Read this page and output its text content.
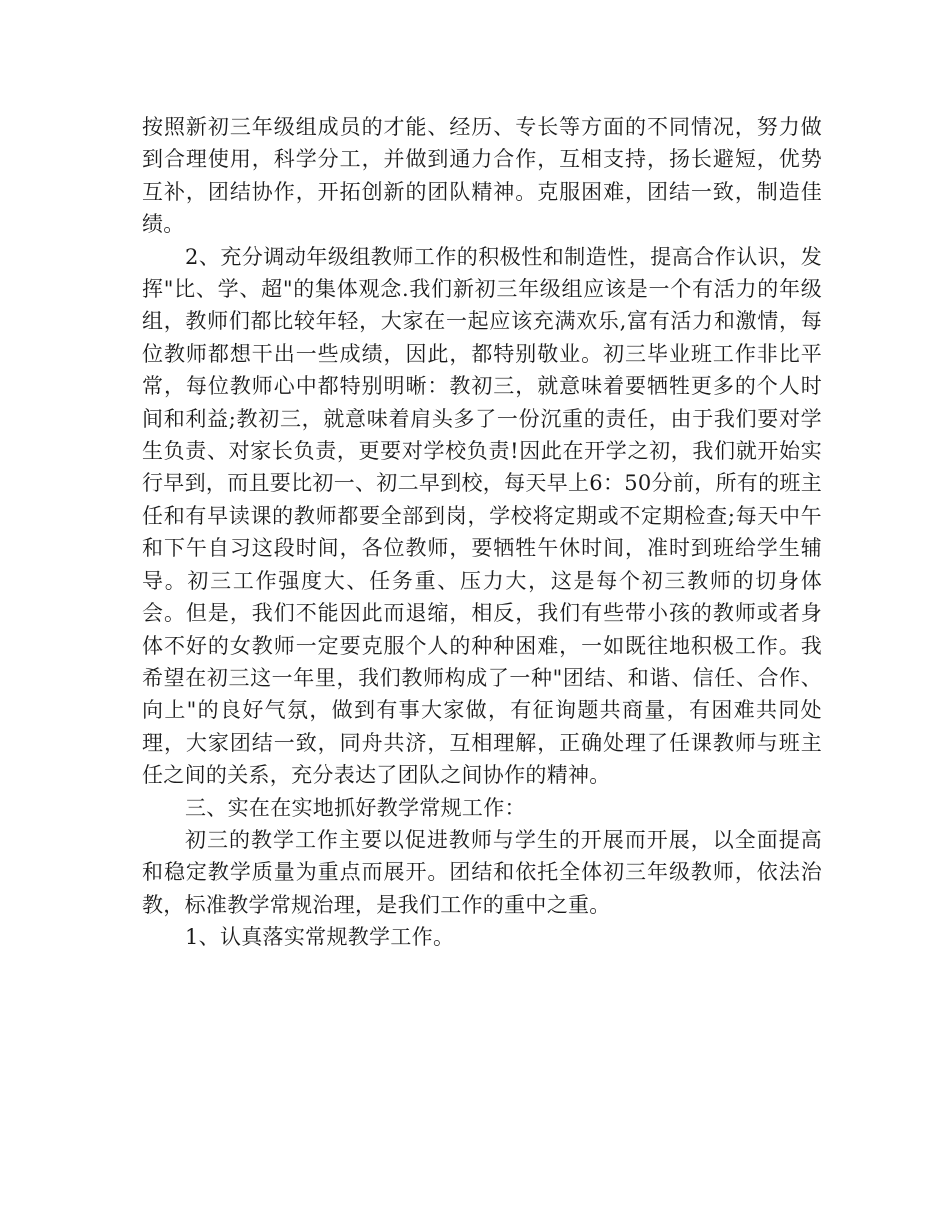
按照新初三年级组成员的才能、经历、专长等方面的不同情况，努力做到合理使用，科学分工，并做到通力合作，互相支持，扬长避短，优势互补，团结协作，开拓创新的团队精神。克服困难，团结一致，制造佳绩。

2、充分调动年级组教师工作的积极性和制造性，提高合作认识，发挥"比、学、超"的集体观念.我们新初三年级组应该是一个有活力的年级组，教师们都比较年轻，大家在一起应该充满欢乐,富有活力和激情，每位教师都想干出一些成绩，因此，都特别敬业。初三毕业班工作非比平常，每位教师心中都特别明晰：教初三，就意味着要牺牲更多的个人时间和利益;教初三，就意味着肩头多了一份沉重的责任，由于我们要对学生负责、对家长负责，更要对学校负责!因此在开学之初，我们就开始实行早到，而且要比初一、初二早到校，每天早上6：50分前，所有的班主任和有早读课的教师都要全部到岗，学校将定期或不定期检查;每天中午和下午自习这段时间，各位教师，要牺牲午休时间，准时到班给学生辅导。初三工作强度大、任务重、压力大，这是每个初三教师的切身体会。但是，我们不能因此而退缩，相反，我们有些带小孩的教师或者身体不好的女教师一定要克服个人的种种困难，一如既往地积极工作。我希望在初三这一年里，我们教师构成了一种"团结、和谐、信任、合作、向上"的良好气氛，做到有事大家做，有征询题共商量，有困难共同处理，大家团结一致，同舟共济，互相理解，正确处理了任课教师与班主任之间的关系，充分表达了团队之间协作的精神。

三、实在在实地抓好教学常规工作：

初三的教学工作主要以促进教师与学生的开展而开展，以全面提高和稳定教学质量为重点而展开。团结和依托全体初三年级教师，依法治教，标准教学常规治理，是我们工作的重中之重。

1、认真落实常规教学工作。
